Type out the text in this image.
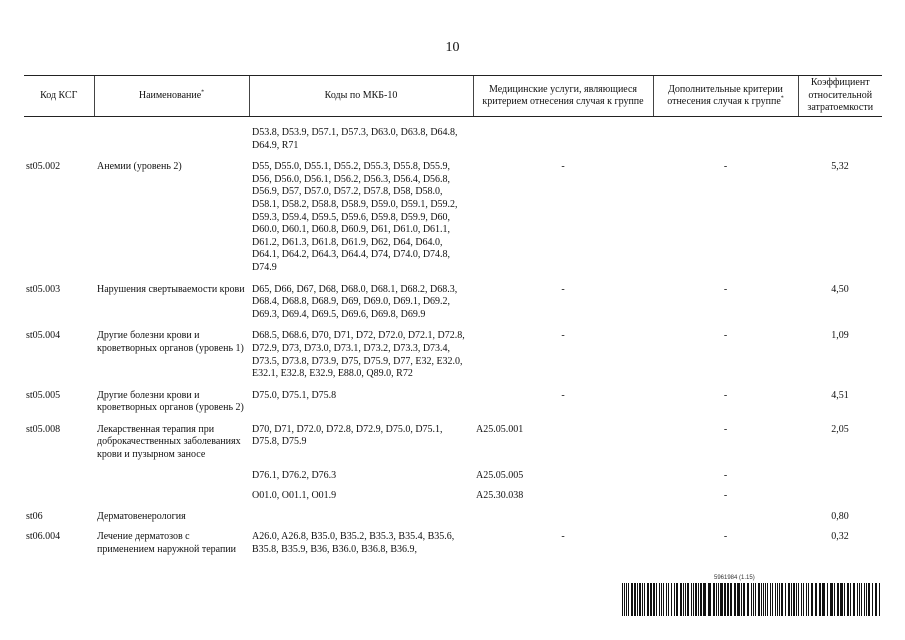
10
Код КСГ	Наименование*	Коды по МКБ-10	Медицинские услуги, являющиеся критерием отнесения случая к группе	Дополнительные критерии отнесения случая к группе*	Коэффициент относительной затратоемкости
		D53.8, D53.9, D57.1, D57.3, D63.0, D63.8, D64.8, D64.9, R71			
st05.002	Анемии (уровень 2)	D55, D55.0, D55.1, D55.2, D55.3, D55.8, D55.9, D56, D56.0, D56.1, D56.2, D56.3, D56.4, D56.8, D56.9, D57, D57.0, D57.2, D57.8, D58, D58.0, D58.1, D58.2, D58.8, D58.9, D59.0, D59.1, D59.2, D59.3, D59.4, D59.5, D59.6, D59.8, D59.9, D60, D60.0, D60.1, D60.8, D60.9, D61, D61.0, D61.1, D61.2, D61.3, D61.8, D61.9, D62, D64, D64.0, D64.1, D64.2, D64.3, D64.4, D74, D74.0, D74.8, D74.9	-	-	5,32
st05.003	Нарушения свертываемости крови	D65, D66, D67, D68, D68.0, D68.1, D68.2, D68.3, D68.4, D68.8, D68.9, D69, D69.0, D69.1, D69.2, D69.3, D69.4, D69.5, D69.6, D69.8, D69.9	-	-	4,50
st05.004	Другие болезни крови и кроветворных органов (уровень 1)	D68.5, D68.6, D70, D71, D72, D72.0, D72.1, D72.8, D72.9, D73, D73.0, D73.1, D73.2, D73.3, D73.4, D73.5, D73.8, D73.9, D75, D75.9, D77, E32, E32.0, E32.1, E32.8, E32.9, E88.0, Q89.0, R72	-	-	1,09
st05.005	Другие болезни крови и кроветворных органов (уровень 2)	D75.0, D75.1, D75.8	-	-	4,51
st05.008	Лекарственная терапия при доброкачественных заболеваниях крови и пузырном заносе	D70, D71, D72.0, D72.8, D72.9, D75.0, D75.1, D75.8, D75.9	A25.05.001	-	2,05
		D76.1, D76.2, D76.3	A25.05.005	-	
		O01.0, O01.1, O01.9	A25.30.038	-	
st06	Дерматовенерология				0,80
st06.004	Лечение дерматозов с применением наружной терапии	A26.0, A26.8, B35.0, B35.2, B35.3, B35.4, B35.6, B35.8, B35.9, B36, B36.0, B36.8, B36.9,	-	-	0,32
5961984 (1.15)
